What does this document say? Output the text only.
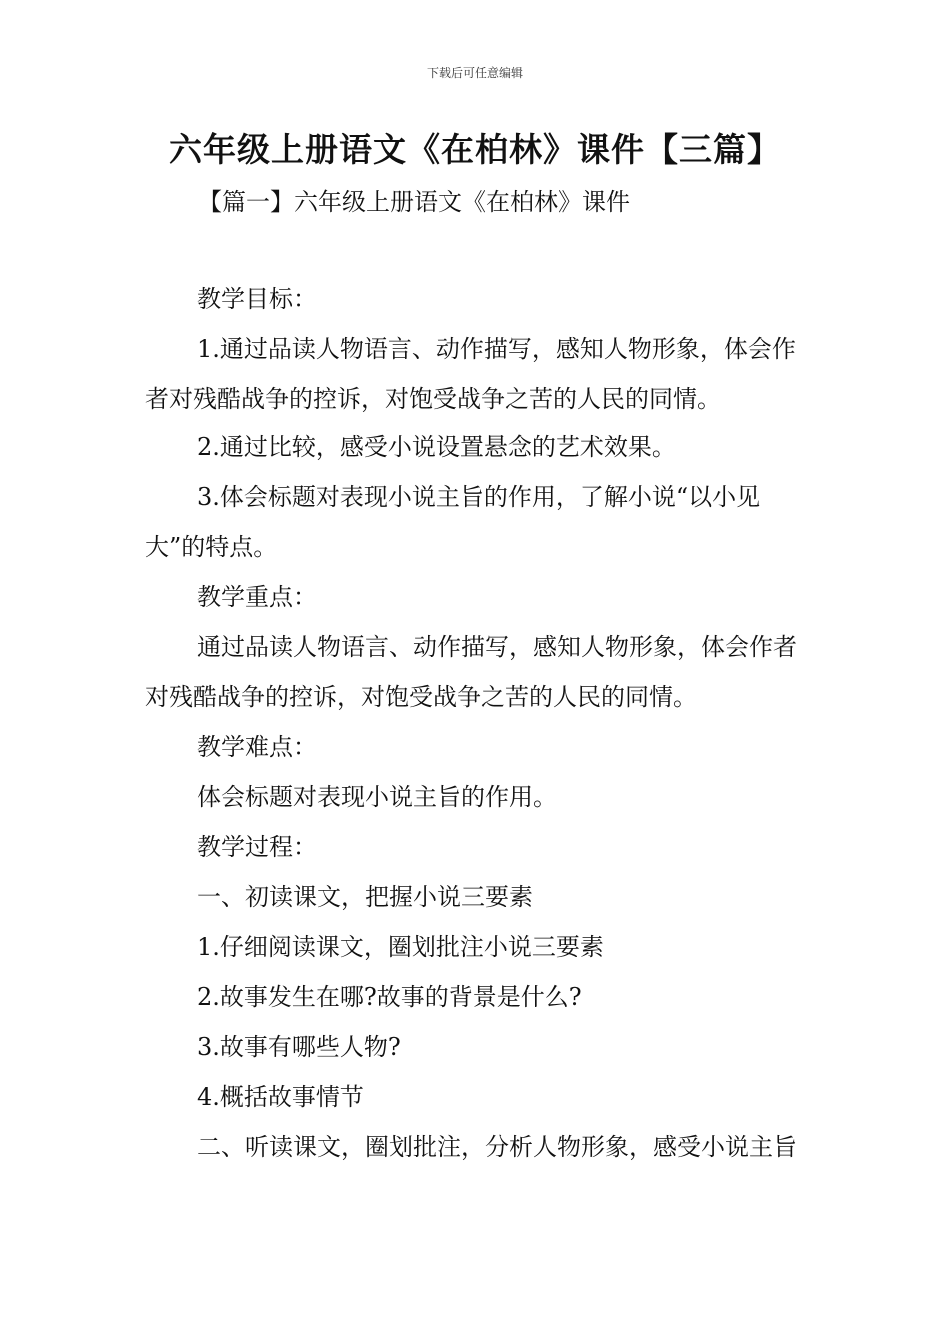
下载后可任意编辑
六年级上册语文《在柏林》课件【三篇】

【篇一】六年级上册语文《在柏林》课件

教学目标：

1.通过品读人物语言、动作描写，感知人物形象，体会作者对残酷战争的控诉，对饱受战争之苦的人民的同情。

2.通过比较，感受小说设置悬念的艺术效果。

3.体会标题对表现小说主旨的作用，了解小说“以小见大”的特点。

教学重点：

通过品读人物语言、动作描写，感知人物形象，体会作者对残酷战争的控诉，对饱受战争之苦的人民的同情。

教学难点：

体会标题对表现小说主旨的作用。

教学过程：

一、初读课文，把握小说三要素

1.仔细阅读课文，圈划批注小说三要素

2.故事发生在哪?故事的背景是什么?

3.故事有哪些人物?

4.概括故事情节

二、听读课文，圈划批注，分析人物形象，感受小说主旨
